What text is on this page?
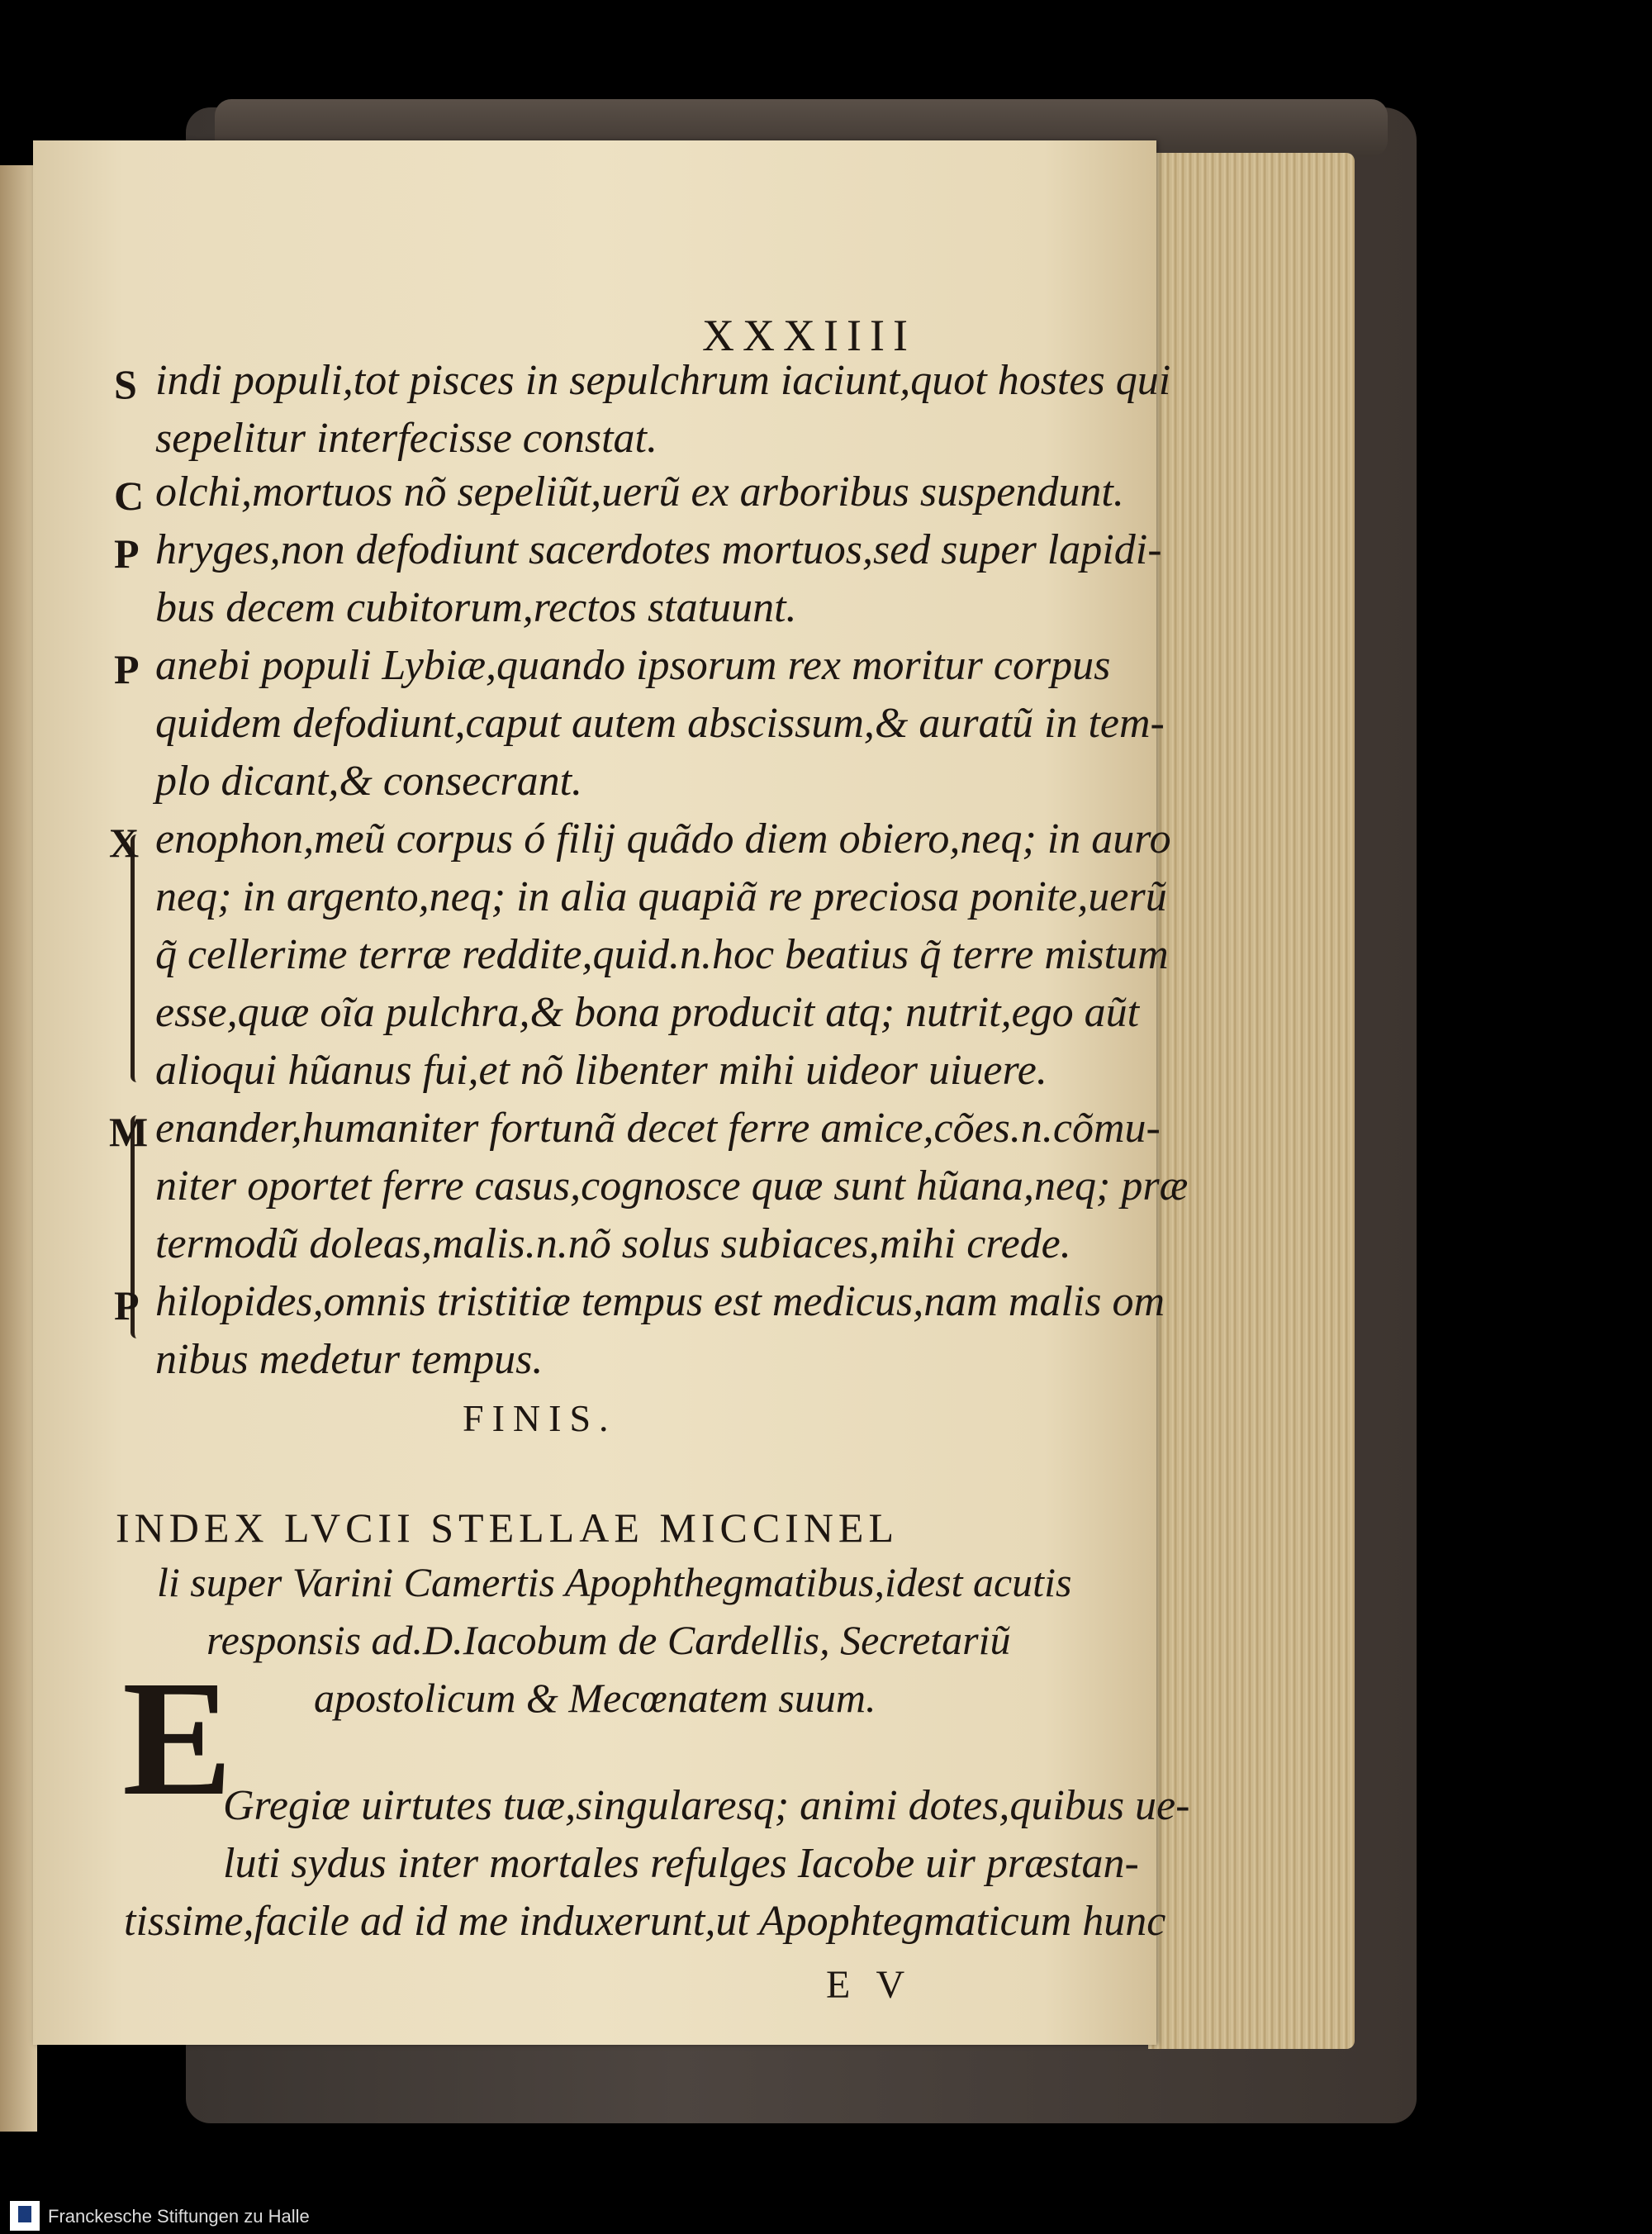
XXXIIII
S indi populi,tot pisces in sepulchrum iaciunt,quot hostes qui
sepelitur interfecisse constat.
C olchi,mortuos nõ sepeliũt,uerũ ex arboribus suspendunt.
P hryges,non defodiunt sacerdotes mortuos,sed super lapidi-
bus decem cubitorum,rectos statuunt.
P anebi populi Lybiæ,quando ipsorum rex moritur corpus
quidem defodiunt,caput autem abscissum,& auratũ in tem-
plo dicant,& consecrant.
X enophon,meũ corpus ó filij quãdo diem obiero,neq; in auro
neq; in argento,neq; in alia quapiã re preciosa ponite,uerũ
q̃ cellerime terræ reddite,quid.n.hoc beatius q̃ terre mistum
esse,quæ oĩa pulchra,& bona producit atq; nutrit,ego aũt
alioqui hũanus fui,et nõ libenter mihi uideor uiuere.
M enander,humaniter fortunã decet ferre amice,cões.n.cõmu-
niter oportet ferre casus,cognosce quæ sunt hũana,neq; præ
termodũ doleas,malis.n.nõ solus subiaces,mihi crede.
P hilopides,omnis tristitiæ tempus est medicus,nam malis om
nibus medetur tempus.
FINIS.
INDEX LVCII STELLAE MICCINEL
li super Varini Camertis Apophthegmatibus,idest acutis
responsis ad.D.Iacobum de Cardellis, Secretariũ
apostolicum & Mecœnatem suum.
E
Gregiæ uirtutes tuæ,singularesq; animi dotes,quibus ue-
luti sydus inter mortales refulges Iacobe uir præstan-
tissime,facile ad id me induxerunt,ut Apophtegmaticum hunc
E V
Franckesche Stiftungen zu Halle
